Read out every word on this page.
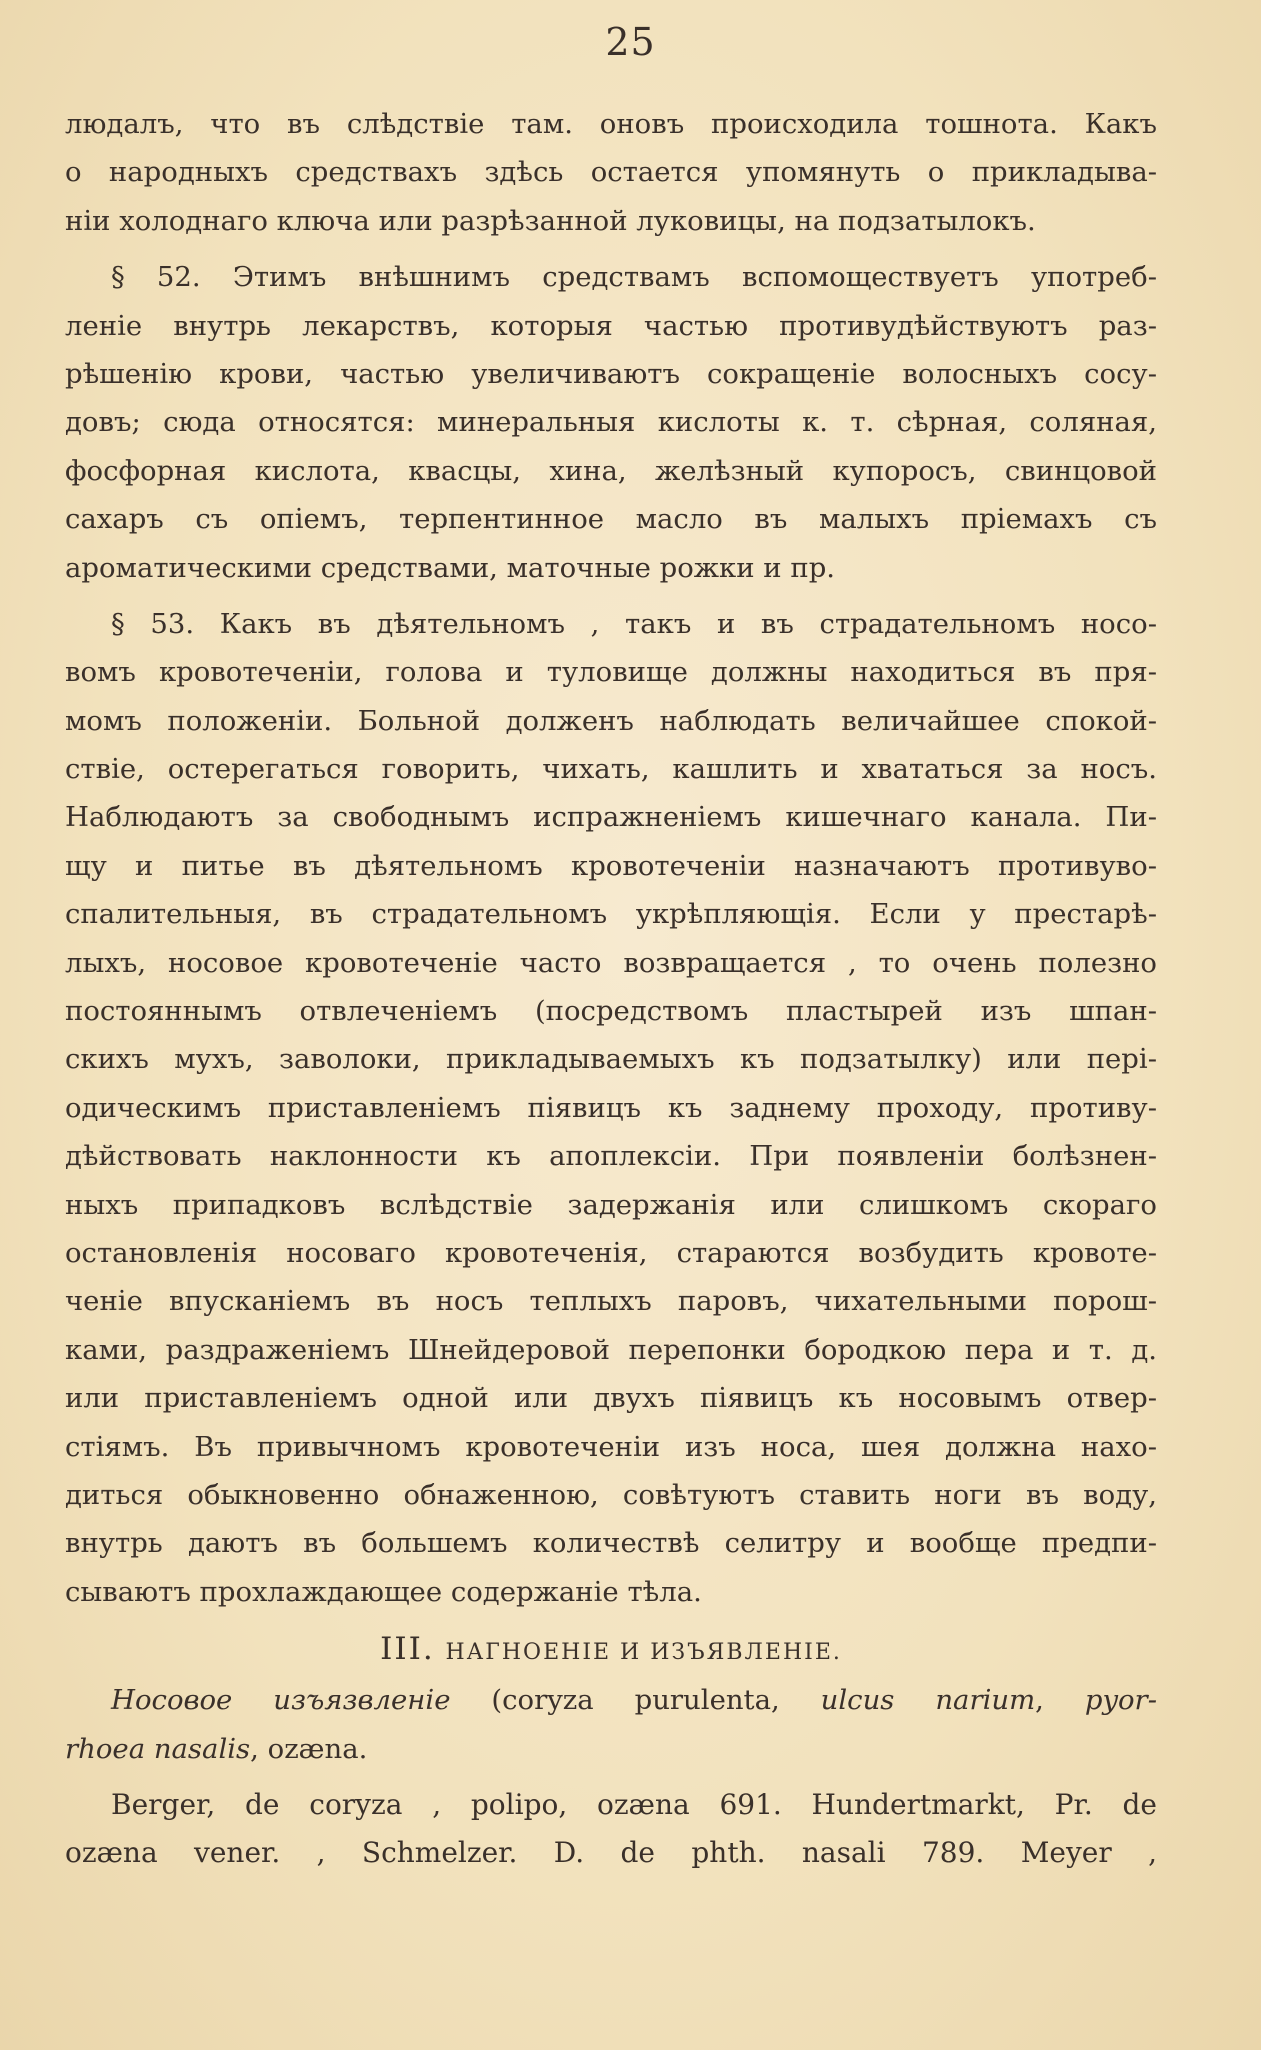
25
людалъ, что въ слѣдствіе там. оновъ происходила тошнота. Какъ
о народныхъ средствахъ здѣсь остается упомянуть о прикладыва-
ніи холоднаго ключа или разрѣзанной луковицы, на подзатылокъ.
§ 52. Этимъ внѣшнимъ средствамъ вспомоществуетъ употреб-
леніе внутрь лекарствъ, которыя частью противудѣйствуютъ раз-
рѣшенію крови, частью увеличиваютъ сокращеніе волосныхъ сосу-
довъ; сюда относятся: минеральныя кислоты к. т. сѣрная, соляная,
фосфорная кислота, квасцы, хина, желѣзный купоросъ, свинцовой
сахаръ съ опіемъ, терпентинное масло въ малыхъ пріемахъ съ
ароматическими средствами, маточные рожки и пр.
§ 53. Какъ въ дѣятельномъ , такъ и въ страдательномъ носо-
вомъ кровотеченіи, голова и туловище должны находиться въ пря-
момъ положеніи. Больной долженъ наблюдать величайшее спокой-
ствіе, остерегаться говорить, чихать, кашлить и хвататься за носъ.
Наблюдаютъ за свободнымъ испражненіемъ кишечнаго канала. Пи-
щу и питье въ дѣятельномъ кровотеченіи назначаютъ противуво-
спалительныя, въ страдательномъ укрѣпляющія. Если у престарѣ-
лыхъ, носовое кровотеченіе часто возвращается , то очень полезно
постояннымъ отвлеченіемъ (посредствомъ пластырей изъ шпан-
скихъ мухъ, заволоки, прикладываемыхъ къ подзатылку) или пері-
одическимъ приставленіемъ піявицъ къ заднему проходу, противу-
дѣйствовать наклонности къ апоплексіи. При появленіи болѣзнен-
ныхъ припадковъ вслѣдствіе задержанія или слишкомъ скораго
остановленія носоваго кровотеченія, стараются возбудить кровоте-
ченіе впусканіемъ въ носъ теплыхъ паровъ, чихательными порош-
ками, раздраженіемъ Шнейдеровой перепонки бородкою пера и т. д.
или приставленіемъ одной или двухъ піявицъ къ носовымъ отвер-
стіямъ. Въ привычномъ кровотеченіи изъ носа, шея должна нахо-
диться обыкновенно обнаженною, совѣтуютъ ставить ноги въ воду,
внутрь даютъ въ большемъ количествѣ селитру и вообще предпи-
сываютъ прохлаждающее содержаніе тѣла.
III. НАГНОЕНІЕ И ИЗЪЯВЛЕНІЕ.
Носовое изъязвленіе (coryza purulenta, ulcus narium, pyor-
rhoea nasalis, ozæna.
Berger, de coryza , polipo, ozæna 691. Hundertmarkt, Pr. de
ozæna vener. , Schmelzer. D. de phth. nasali 789. Meyer ,
